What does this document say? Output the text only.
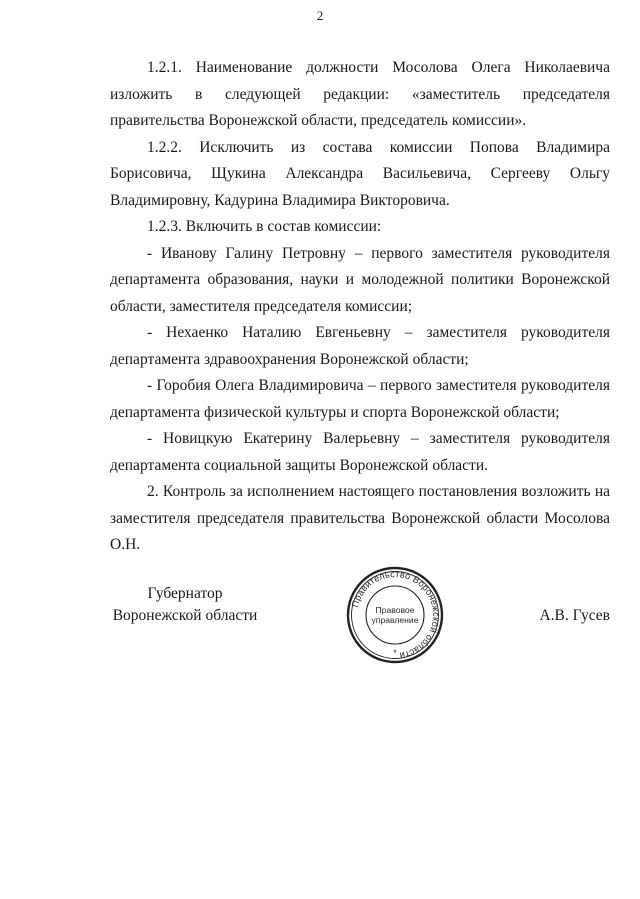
2

1.2.1. Наименование должности Мосолова Олега Николаевича изложить в следующей редакции: «заместитель председателя правительства Воронежской области, председатель комиссии».

1.2.2. Исключить из состава комиссии Попова Владимира Борисовича, Щукина Александра Васильевича, Сергееву Ольгу Владимировну, Кадурина Владимира Викторовича.

1.2.3. Включить в состав комиссии:

- Иванову Галину Петровну – первого заместителя руководителя департамента образования, науки и молодежной политики Воронежской области, заместителя председателя комиссии;

- Нехаенко Наталию Евгеньевну – заместителя руководителя департамента здравоохранения Воронежской области;

- Горобия Олега Владимировича – первого заместителя руководителя департамента физической культуры и спорта Воронежской области;

- Новицкую Екатерину Валерьевну – заместителя руководителя департамента социальной защиты Воронежской области.

2. Контроль за исполнением настоящего постановления возложить на заместителя председателя правительства Воронежской области Мосолова О.Н.

Губернатор
Воронежской области	А.В. Гусев
Правительство Воронежской области
Правовое
управление
*
